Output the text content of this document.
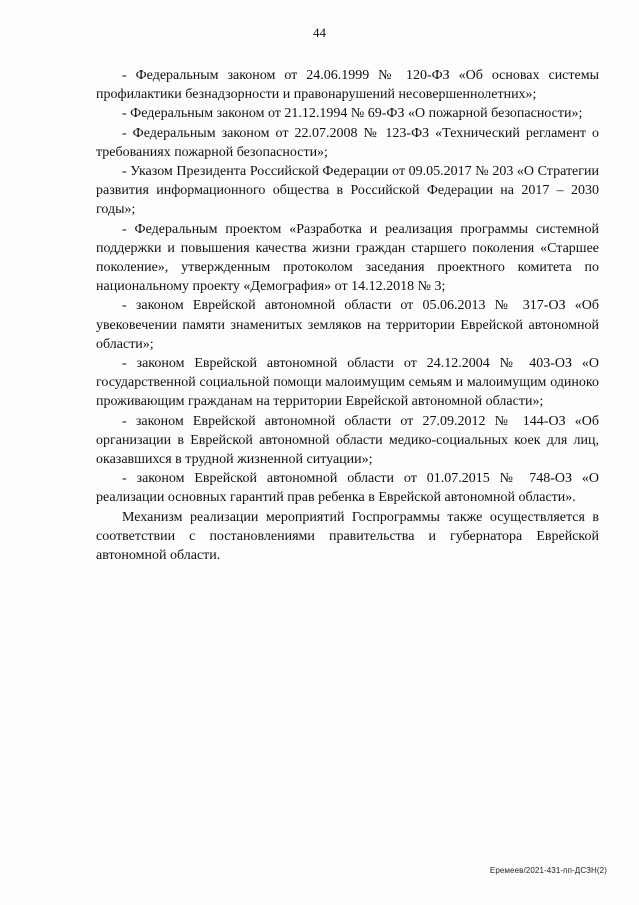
44

- Федеральным законом от 24.06.1999 № 120-ФЗ «Об основах системы профилактики безнадзорности и правонарушений несовершеннолетних»;

- Федеральным законом от 21.12.1994 № 69-ФЗ «О пожарной безопасности»;

- Федеральным законом от 22.07.2008 № 123-ФЗ «Технический регламент о требованиях пожарной безопасности»;

- Указом Президента Российской Федерации от 09.05.2017 № 203 «О Стратегии развития информационного общества в Российской Федерации на 2017 – 2030 годы»;

- Федеральным проектом «Разработка и реализация программы системной поддержки и повышения качества жизни граждан старшего поколения «Старшее поколение», утвержденным протоколом заседания проектного комитета по национальному проекту «Демография» от 14.12.2018 № 3;

- законом Еврейской автономной области от 05.06.2013 № 317-ОЗ «Об увековечении памяти знаменитых земляков на территории Еврейской автономной области»;

- законом Еврейской автономной области от 24.12.2004 № 403-ОЗ «О государственной социальной помощи малоимущим семьям и малоимущим одиноко проживающим гражданам на территории Еврейской автономной области»;

- законом Еврейской автономной области от 27.09.2012 № 144-ОЗ «Об организации в Еврейской автономной области медико-социальных коек для лиц, оказавшихся в трудной жизненной ситуации»;

- законом Еврейской автономной области от 01.07.2015 № 748-ОЗ «О реализации основных гарантий прав ребенка в Еврейской автономной области».

Механизм реализации мероприятий Госпрограммы также осуществляется в соответствии с постановлениями правительства и губернатора Еврейской автономной области.

Еремеев/2021-431-пп-ДСЗН(2)
